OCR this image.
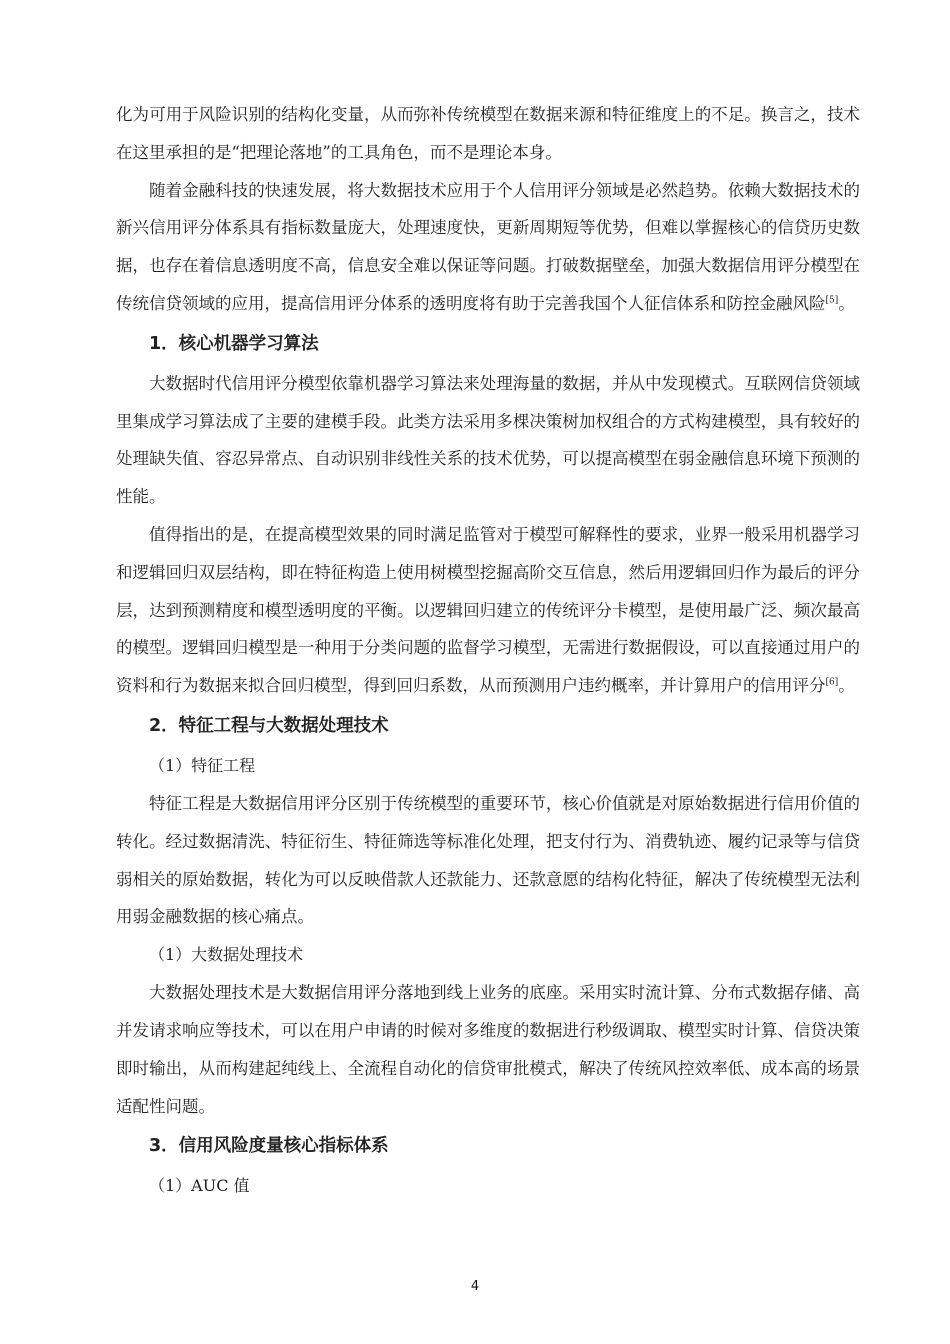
化为可用于风险识别的结构化变量，从而弥补传统模型在数据来源和特征维度上的不足。换言之，技术在这里承担的是“把理论落地”的工具角色，而不是理论本身。

随着金融科技的快速发展，将大数据技术应用于个人信用评分领域是必然趋势。依赖大数据技术的新兴信用评分体系具有指标数量庞大，处理速度快，更新周期短等优势，但难以掌握核心的信贷历史数据，也存在着信息透明度不高，信息安全难以保证等问题。打破数据壁垒，加强大数据信用评分模型在传统信贷领域的应用，提高信用评分体系的透明度将有助于完善我国个人征信体系和防控金融风险[5]。

1．核心机器学习算法

大数据时代信用评分模型依靠机器学习算法来处理海量的数据，并从中发现模式。互联网信贷领域里集成学习算法成了主要的建模手段。此类方法采用多棵决策树加权组合的方式构建模型，具有较好的处理缺失值、容忍异常点、自动识别非线性关系的技术优势，可以提高模型在弱金融信息环境下预测的性能。

值得指出的是，在提高模型效果的同时满足监管对于模型可解释性的要求，业界一般采用机器学习和逻辑回归双层结构，即在特征构造上使用树模型挖掘高阶交互信息，然后用逻辑回归作为最后的评分层，达到预测精度和模型透明度的平衡。以逻辑回归建立的传统评分卡模型，是使用最广泛、频次最高的模型。逻辑回归模型是一种用于分类问题的监督学习模型，无需进行数据假设，可以直接通过用户的资料和行为数据来拟合回归模型，得到回归系数，从而预测用户违约概率，并计算用户的信用评分[6]。

2．特征工程与大数据处理技术
（1）特征工程

特征工程是大数据信用评分区别于传统模型的重要环节，核心价值就是对原始数据进行信用价值的转化。经过数据清洗、特征衍生、特征筛选等标准化处理，把支付行为、消费轨迹、履约记录等与信贷弱相关的原始数据，转化为可以反映借款人还款能力、还款意愿的结构化特征，解决了传统模型无法利用弱金融数据的核心痛点。

（1）大数据处理技术

大数据处理技术是大数据信用评分落地到线上业务的底座。采用实时流计算、分布式数据存储、高并发请求响应等技术，可以在用户申请的时候对多维度的数据进行秒级调取、模型实时计算、信贷决策即时输出，从而构建起纯线上、全流程自动化的信贷审批模式，解决了传统风控效率低、成本高的场景适配性问题。

3．信用风险度量核心指标体系
（1）AUC 值
4
